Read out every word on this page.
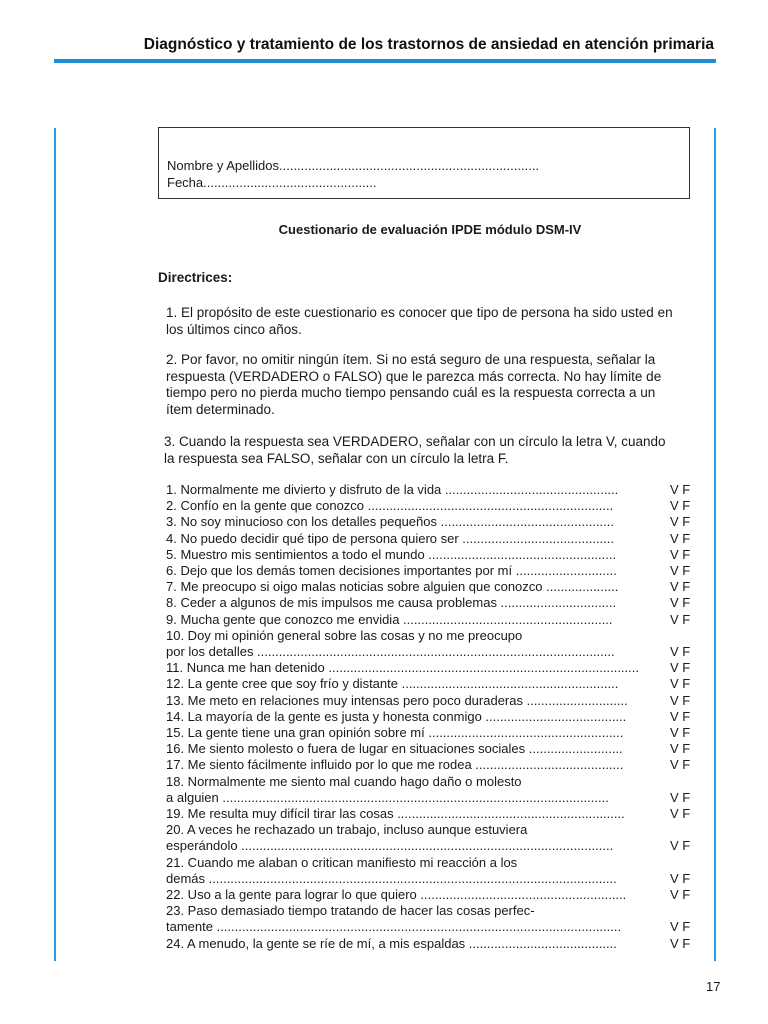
Diagnóstico y tratamiento de los trastornos de ansiedad en atención primaria
Nombre y Apellidos........................................................................
Fecha................................................
Cuestionario de evaluación IPDE módulo DSM-IV
Directrices:
1. El propósito de este cuestionario es conocer que tipo de persona ha sido usted en
los últimos cinco años.
2. Por favor, no omitir ningún ítem. Si no está seguro de una respuesta, señalar la
respuesta (VERDADERO o FALSO) que le parezca más correcta. No hay límite de
tiempo pero no pierda mucho tiempo pensando cuál es la respuesta correcta a un
ítem determinado.
3. Cuando la respuesta sea VERDADERO, señalar con un círculo la letra V, cuando
la respuesta sea FALSO, señalar con un círculo la letra F.
1. Normalmente me divierto y disfruto de la vida ................................................	V F
2. Confío en la gente que conozco ....................................................................	V F
3. No soy minucioso con los detalles pequeños ................................................	V F
4. No puedo decidir qué tipo de persona quiero ser ..........................................	V F
5. Muestro mis sentimientos a todo el mundo ....................................................	V F
6. Dejo que los demás tomen decisiones importantes por mí ............................	V F
7. Me preocupo si oigo malas noticias sobre alguien que conozco ....................	V F
8. Ceder a algunos de mis impulsos me causa problemas ................................	V F
9. Mucha gente que conozco me envidia ..........................................................	V F
10. Doy mi opinión general sobre las cosas y no me preocupo
por los detalles ...................................................................................................	V F
11. Nunca me han detenido ......................................................................................	V F
12. La gente cree que soy frío y distante ............................................................	V F
13. Me meto en relaciones muy intensas pero poco duraderas ............................	V F
14. La mayoría de la gente es justa y honesta conmigo .......................................	V F
15. La gente tiene una gran opinión sobre mí ......................................................	V F
16. Me siento molesto o fuera de lugar en situaciones sociales ..........................	V F
17. Me siento fácilmente influido por lo que me rodea .........................................	V F
18. Normalmente me siento mal cuando hago daño o molesto
a alguien ...........................................................................................................	V F
19. Me resulta muy difícil tirar las cosas ...............................................................	V F
20. A veces he rechazado un trabajo, incluso aunque estuviera
esperándolo .......................................................................................................	V F
21. Cuando me alaban o critican manifiesto mi reacción a los
demás .................................................................................................................	V F
22. Uso a la gente para lograr lo que quiero .........................................................	V F
23. Paso demasiado tiempo tratando de hacer las cosas perfec-
tamente ................................................................................................................	V F
24. A menudo, la gente se ríe de mí, a mis espaldas .........................................	V F
17
